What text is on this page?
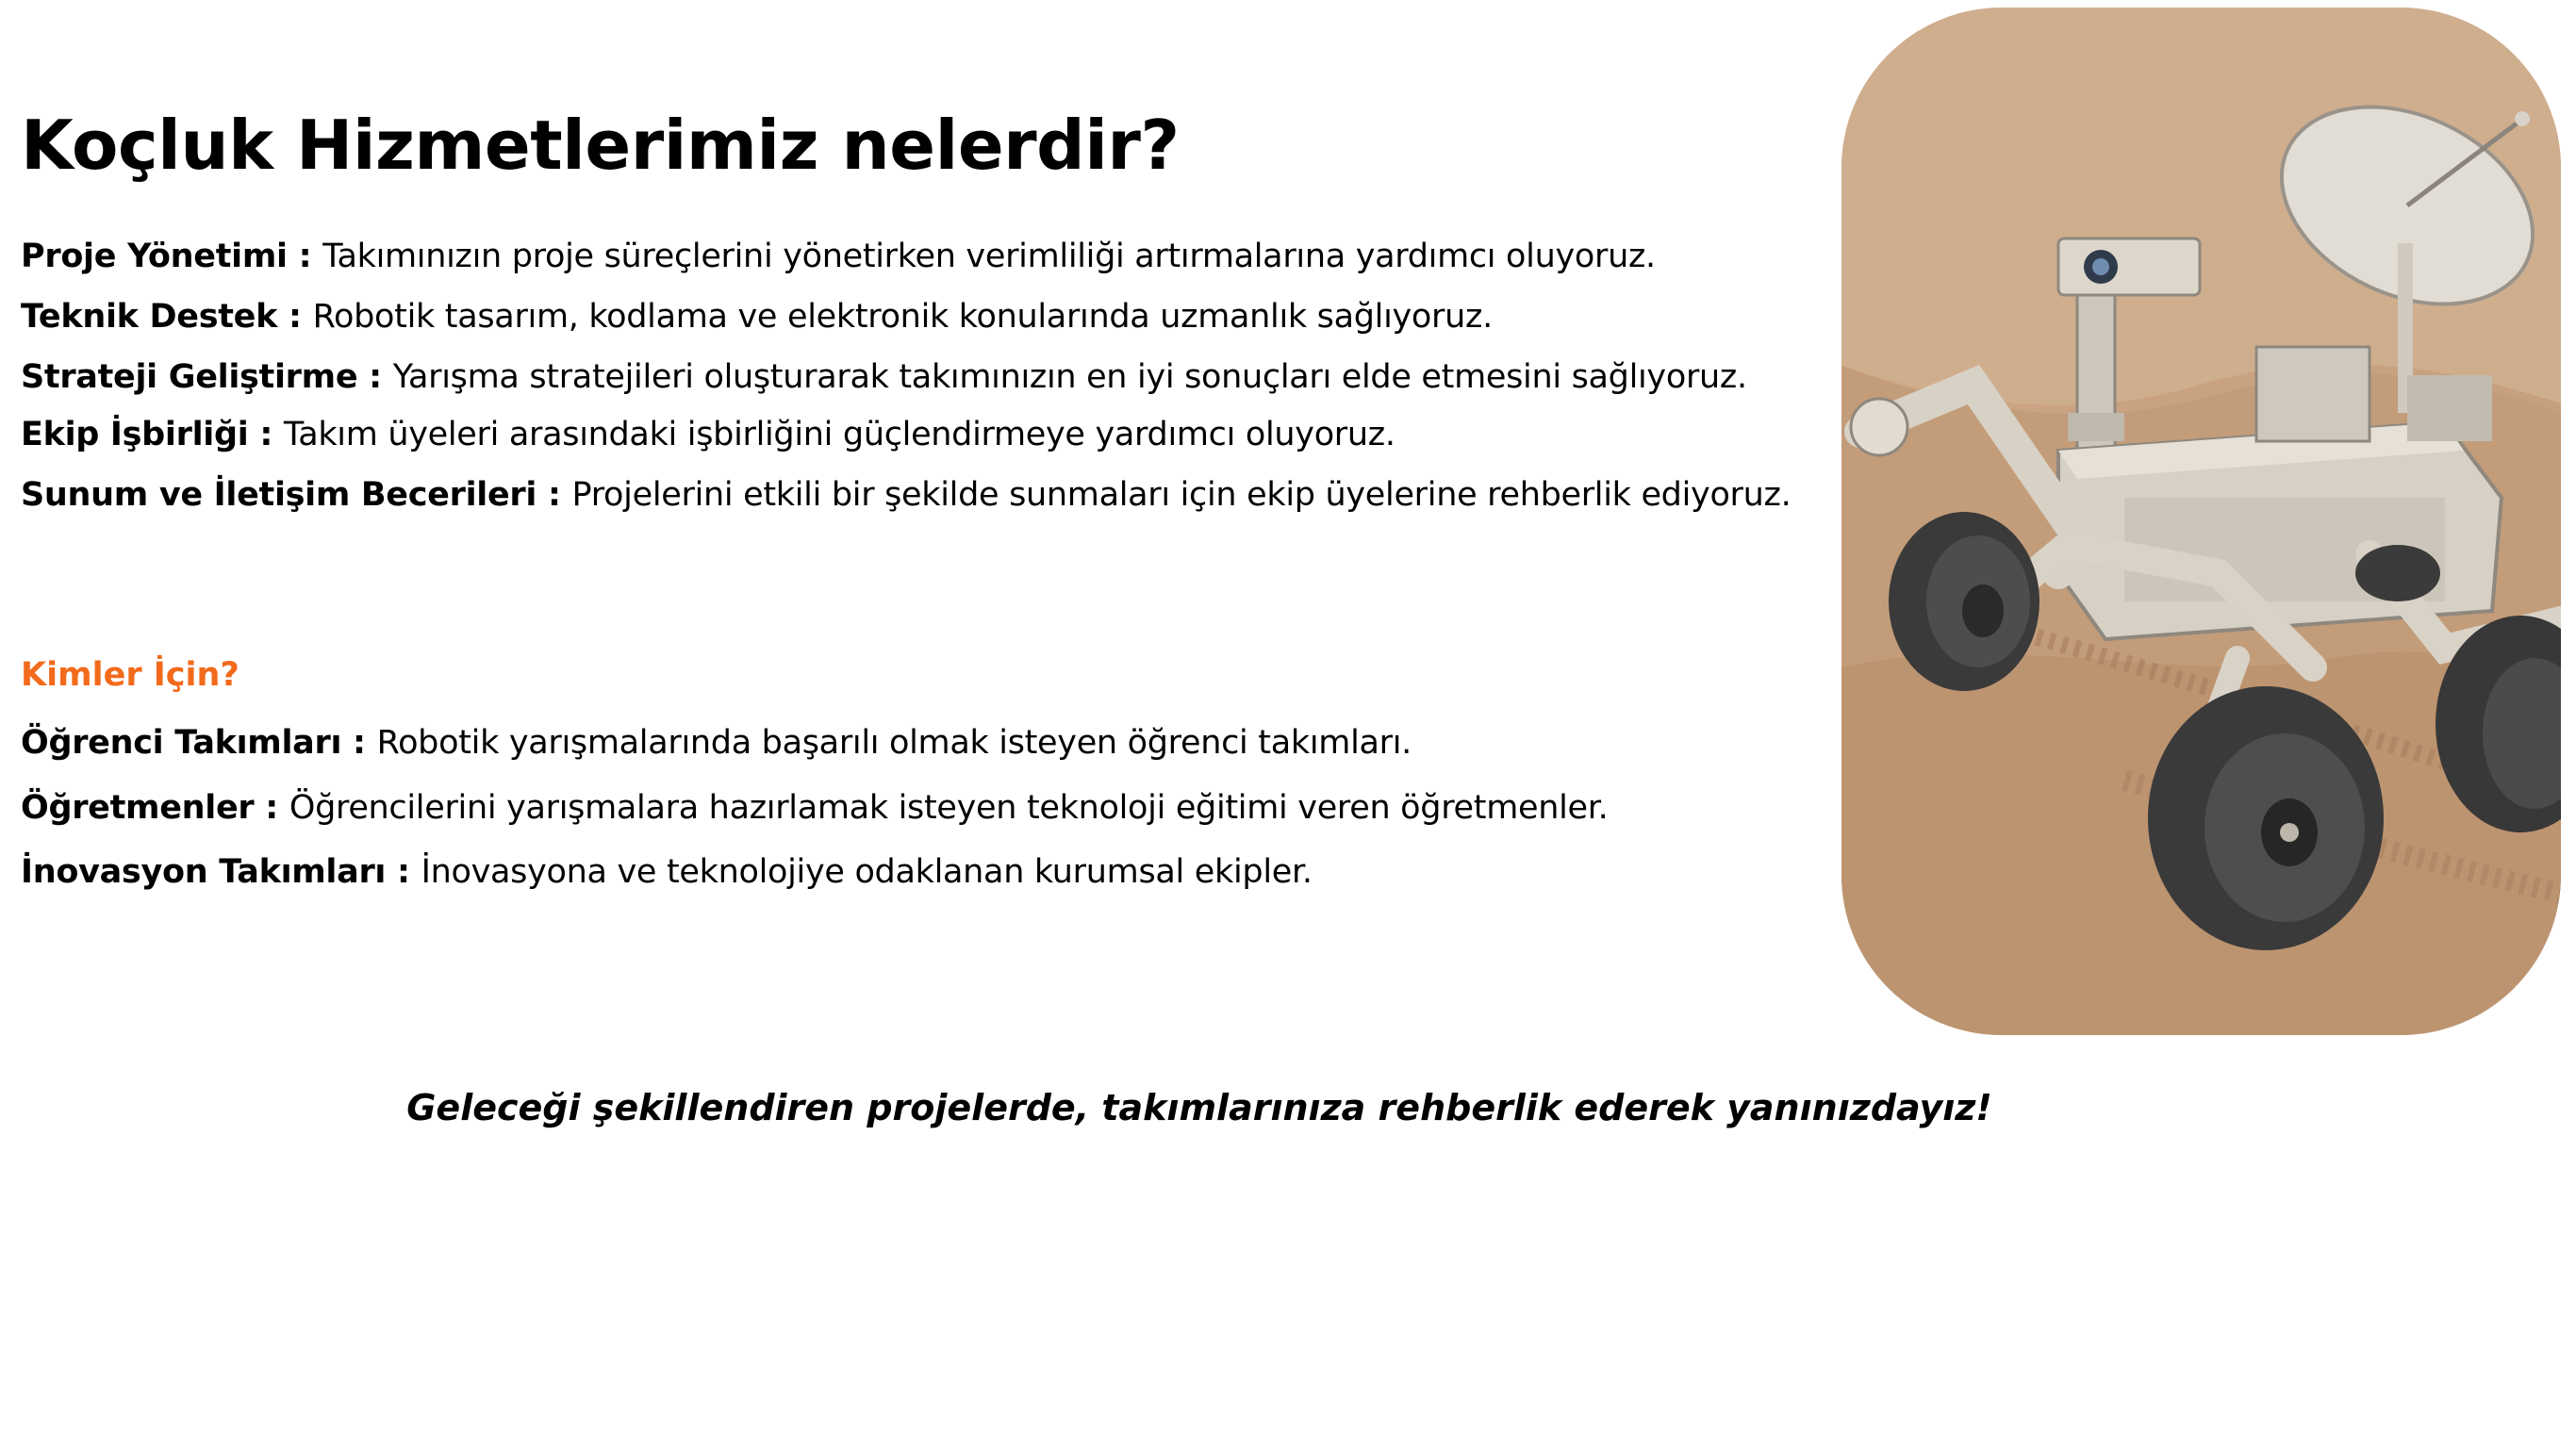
Koçluk Hizmetlerimiz nelerdir?

Proje Yönetimi : Takımınızın proje süreçlerini yönetirken verimliliği artırmalarına yardımcı oluyoruz.

Teknik Destek : Robotik tasarım, kodlama ve elektronik konularında uzmanlık sağlıyoruz.

Strateji Geliştirme : Yarışma stratejileri oluşturarak takımınızın en iyi sonuçları elde etmesini sağlıyoruz.

Ekip İşbirliği : Takım üyeleri arasındaki işbirliğini güçlendirmeye yardımcı oluyoruz.

Sunum ve İletişim Becerileri : Projelerini etkili bir şekilde sunmaları için ekip üyelerine rehberlik ediyoruz.

Kimler İçin?

Öğrenci Takımları : Robotik yarışmalarında başarılı olmak isteyen öğrenci takımları.

Öğretmenler : Öğrencilerini yarışmalara hazırlamak isteyen teknoloji eğitimi veren öğretmenler.

İnovasyon Takımları : İnovasyona ve teknolojiye odaklanan kurumsal ekipler.

Geleceği şekillendiren projelerde, takımlarınıza rehberlik ederek yanınızdayız!
